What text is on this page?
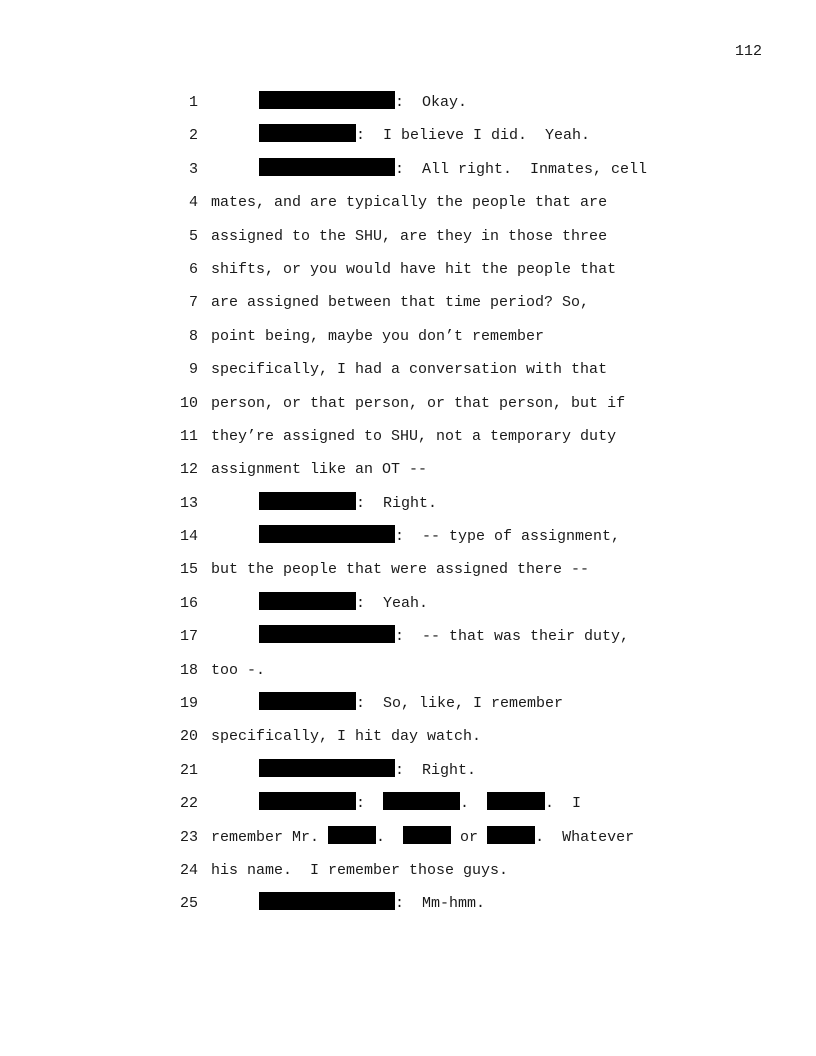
112
1	:  Okay.
2	:  I believe I did.  Yeah.
3	:  All right.  Inmates, cell
4 mates, and are typically the people that are
5 assigned to the SHU, are they in those three
6 shifts, or you would have hit the people that
7 are assigned between that time period? So,
8 point being, maybe you don’t remember
9 specifically, I had a conversation with that
10 person, or that person, or that person, but if
11 they’re assigned to SHU, not a temporary duty
12 assignment like an OT --
13	:  Right.
14	:  -- type of assignment,
15 but the people that were assigned there --
16	:  Yeah.
17	:  -- that was their duty,
18 too -.
19	:  So, like, I remember
20 specifically, I hit day watch.
21	:  Right.
22	:	.	.  I
23 remember Mr.	.	or	.  Whatever
24 his name.  I remember those guys.
25	:  Mm-hmm.
